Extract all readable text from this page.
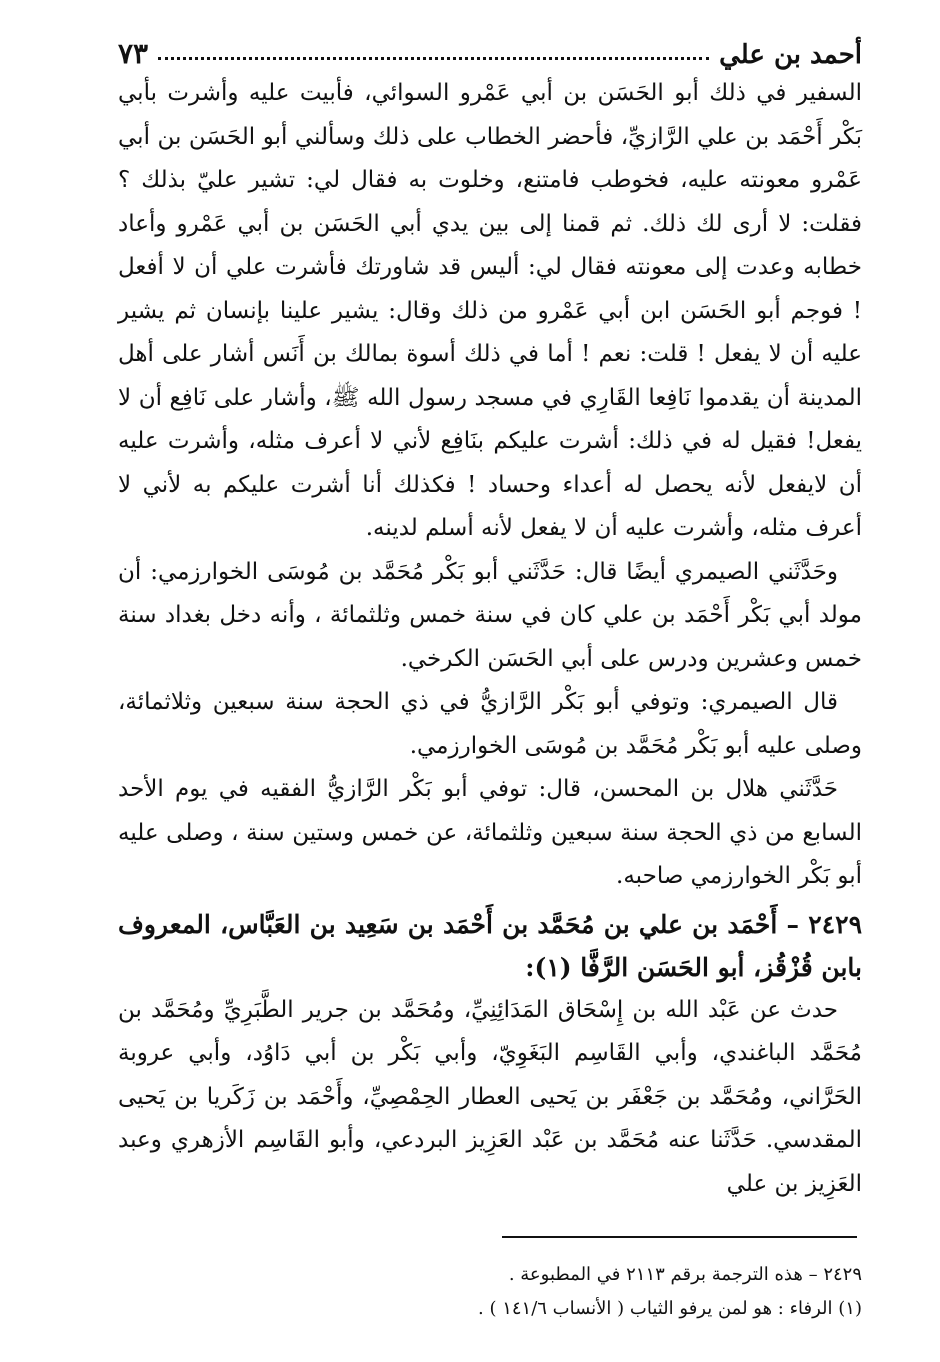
أحمد بن علي
٧٣

السفير في ذلك أبو الحَسَن بن أبي عَمْرو السوائي، فأبيت عليه وأشرت بأبي بَكْر أَحْمَد بن علي الرَّازيِّ، فأحضر الخطاب على ذلك وسألني أبو الحَسَن بن أبي عَمْرو معونته عليه، فخوطب فامتنع، وخلوت به فقال لي: تشير عليّ بذلك ؟ فقلت: لا أرى لك ذلك. ثم قمنا إلى بين يدي أبي الحَسَن بن أبي عَمْرو وأعاد خطابه وعدت إلى معونته فقال لي: أليس قد شاورتك فأشرت علي أن لا أفعل ! فوجم أبو الحَسَن ابن أبي عَمْرو من ذلك وقال: يشير علينا بإنسان ثم يشير عليه أن لا يفعل ! قلت: نعم ! أما في ذلك أسوة بمالك بن أَنَس أشار على أهل المدينة أن يقدموا نَافِعا القَارِي في مسجد رسول الله ﷺ، وأشار على نَافِع أن لا يفعل! فقيل له في ذلك: أشرت عليكم بنَافِع لأني لا أعرف مثله، وأشرت عليه أن لايفعل لأنه يحصل له أعداء وحساد ! فكذلك أنا أشرت عليكم به لأني لا أعرف مثله، وأشرت عليه أن لا يفعل لأنه أسلم لدينه.

وحَدَّثَني الصيمري أيضًا قال: حَدَّثَني أبو بَكْر مُحَمَّد بن مُوسَى الخوارزمي: أن مولد أبي بَكْر أَحْمَد بن علي كان في سنة خمس وثلثمائة ، وأنه دخل بغداد سنة خمس وعشرين ودرس على أبي الحَسَن الكرخي.

قال الصيمري: وتوفي أبو بَكْر الرَّازيُّ في ذي الحجة سنة سبعين وثلاثمائة، وصلى عليه أبو بَكْر مُحَمَّد بن مُوسَى الخوارزمي.

حَدَّثَني هلال بن المحسن، قال: توفي أبو بَكْر الرَّازيُّ الفقيه في يوم الأحد السابع من ذي الحجة سنة سبعين وثلثمائة، عن خمس وستين سنة ، وصلى عليه أبو بَكْر الخوارزمي صاحبه.

٢٤٢٩ – أَحْمَد بن علي بن مُحَمَّد بن أَحْمَد بن سَعِيد بن العَبَّاس، المعروف بابن قُزْقُز، أبو الحَسَن الرَّفَّا (١):

حدث عن عَبْد الله بن إِسْحَاق المَدَائِنِيِّ، ومُحَمَّد بن جرير الطَّبَرِيِّ ومُحَمَّد بن مُحَمَّد الباغندي، وأبي القَاسِم البَغَوِيّ، وأبي بَكْر بن أبي دَاوُد، وأبي عروبة الحَرَّاني، ومُحَمَّد بن جَعْفَر بن يَحيى العطار الحِمْصِيِّ، وأَحْمَد بن زَكَريا بن يَحيى المقدسي. حَدَّثَنا عنه مُحَمَّد بن عَبْد العَزِيز البردعي، وأبو القَاسِم الأزهري وعبد العَزِيز بن علي

٢٤٢٩ – هذه الترجمة برقم ٢١١٣ في المطبوعة .

(١) الرفاء : هو لمن يرفو الثياب ( الأنساب ١٤١/٦ ) .
